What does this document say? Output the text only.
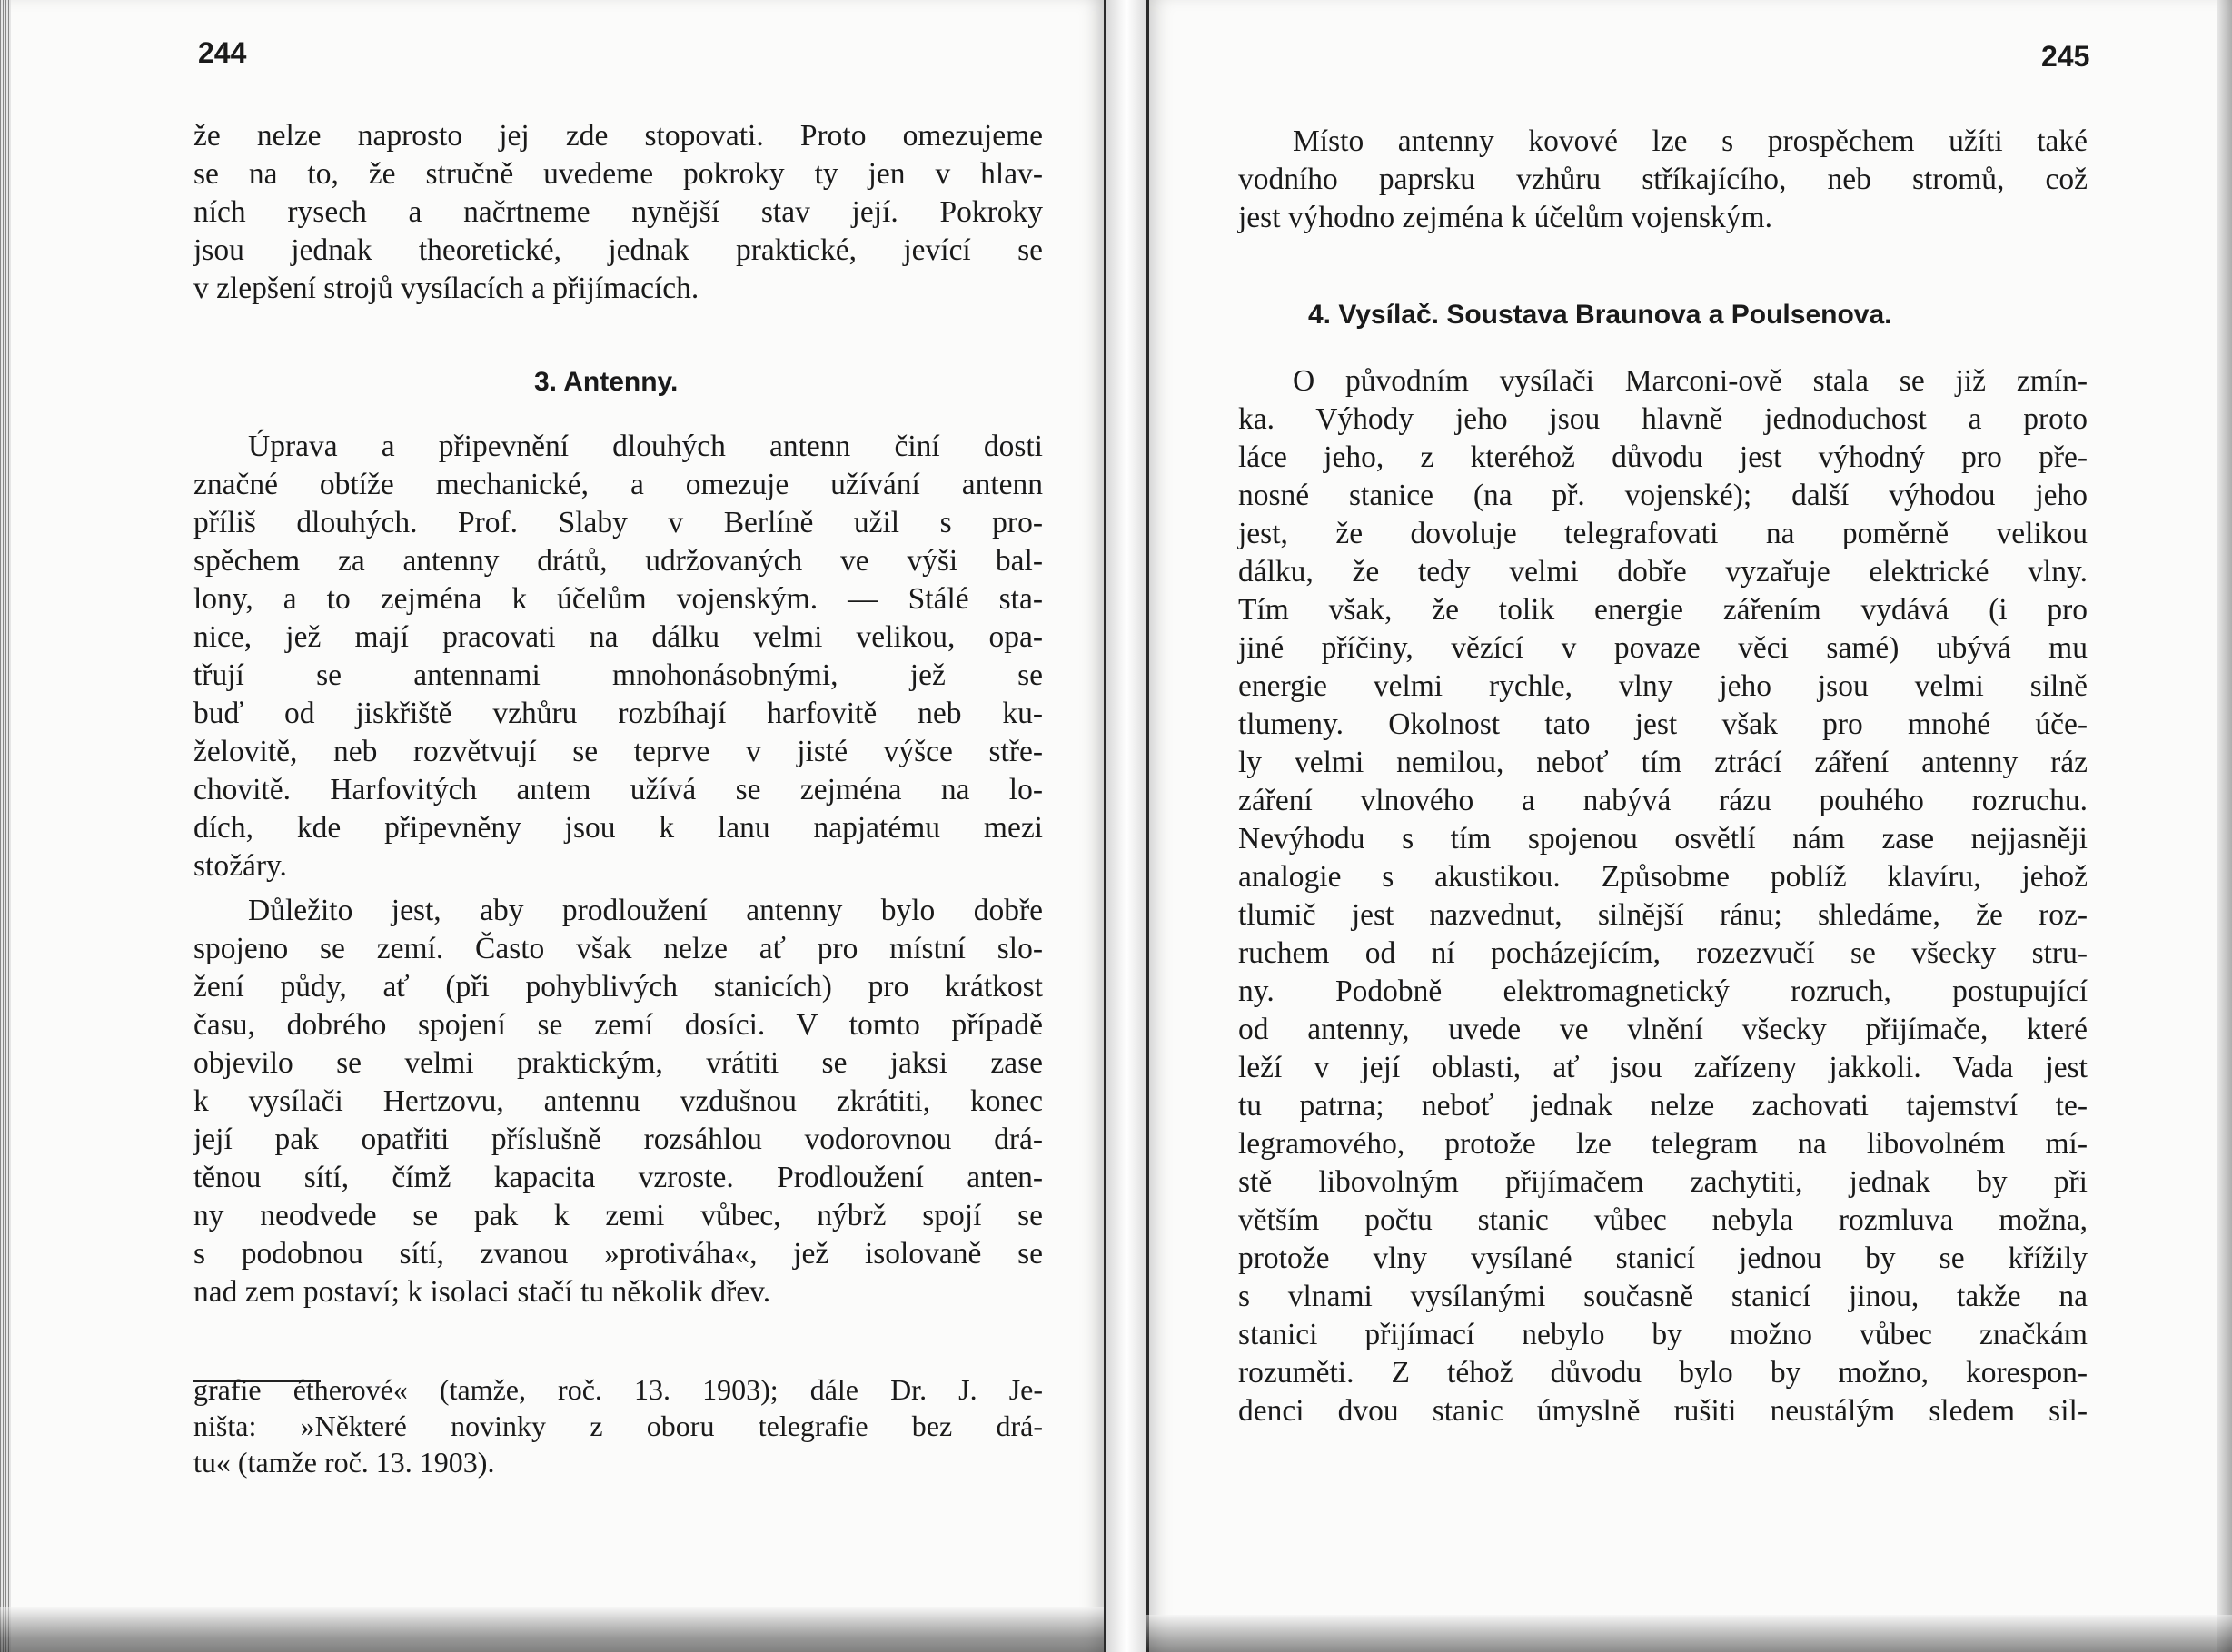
244
že nelze naprosto jej zde stopovati. Proto omezujeme
se na to, že stručně uvedeme pokroky ty jen v hlav-
ních rysech a načrtneme nynější stav její. Pokroky
jsou jednak theoretické, jednak praktické, jevící se
v zlepšení strojů vysílacích a přijímacích.
3. Antenny.
Úprava a připevnění dlouhých antenn činí dosti
značné obtíže mechanické, a omezuje užívání antenn
příliš dlouhých. Prof. Slaby v Berlíně užil s pro-
spěchem za antenny drátů, udržovaných ve výši bal-
lony, a to zejména k účelům vojenským. — Stálé sta-
nice, jež mají pracovati na dálku velmi velikou, opa-
třují se antennami mnohonásobnými, jež se
buď od jiskřiště vzhůru rozbíhají harfovitě neb ku-
želovitě, neb rozvětvují se teprve v jisté výšce stře-
chovitě. Harfovitých antem užívá se zejména na lo-
dích, kde připevněny jsou k lanu napjatému mezi
stožáry.
Důležito jest, aby prodloužení antenny bylo dobře
spojeno se zemí. Často však nelze ať pro místní slo-
žení půdy, ať (při pohyblivých stanicích) pro krátkost
času, dobrého spojení se zemí dosíci. V tomto případě
objevilo se velmi praktickým, vrátiti se jaksi zase
k vysílači Hertzovu, antennu vzdušnou zkrátiti, konec
její pak opatřiti příslušně rozsáhlou vodorovnou drá-
těnou sítí, čímž kapacita vzroste. Prodloužení anten-
ny neodvede se pak k zemi vůbec, nýbrž spojí se
s podobnou sítí, zvanou »protiváha«, jež isolovaně se
nad zem postaví; k isolaci stačí tu několik dřev.
grafie étherové« (tamže, roč. 13. 1903); dále Dr. J. Je-
ništa: »Některé novinky z oboru telegrafie bez drá-
tu« (tamže roč. 13. 1903).
245
Místo antenny kovové lze s prospěchem užíti také
vodního paprsku vzhůru stříkajícího, neb stromů, což
jest výhodno zejména k účelům vojenským.
4. Vysílač. Soustava Braunova a Poulsenova.
O původním vysílači Marconi-ově stala se již zmín-
ka. Výhody jeho jsou hlavně jednoduchost a proto
láce jeho, z kteréhož důvodu jest výhodný pro pře-
nosné stanice (na př. vojenské); další výhodou jeho
jest, že dovoluje telegrafovati na poměrně velikou
dálku, že tedy velmi dobře vyzařuje elektrické vlny.
Tím však, že tolik energie zářením vydává (i pro
jiné příčiny, vězící v povaze věci samé) ubývá mu
energie velmi rychle, vlny jeho jsou velmi silně
tlumeny. Okolnost tato jest však pro mnohé úče-
ly velmi nemilou, neboť tím ztrácí záření antenny ráz
záření vlnového a nabývá rázu pouhého rozruchu.
Nevýhodu s tím spojenou osvětlí nám zase nejjasněji
analogie s akustikou. Způsobme poblíž klavíru, jehož
tlumič jest nazvednut, silnější ránu; shledáme, že roz-
ruchem od ní pocházejícím, rozezvučí se všecky stru-
ny. Podobně elektromagnetický rozruch, postupující
od antenny, uvede ve vlnění všecky přijímače, které
leží v její oblasti, ať jsou zařízeny jakkoli. Vada jest
tu patrna; neboť jednak nelze zachovati tajemství te-
legramového, protože lze telegram na libovolném mí-
stě libovolným přijímačem zachytiti, jednak by při
větším počtu stanic vůbec nebyla rozmluva možna,
protože vlny vysílané stanicí jednou by se křížily
s vlnami vysílanými současně stanicí jinou, takže na
stanici přijímací nebylo by možno vůbec značkám
rozuměti. Z téhož důvodu bylo by možno, korespon-
denci dvou stanic úmyslně rušiti neustálým sledem sil-
